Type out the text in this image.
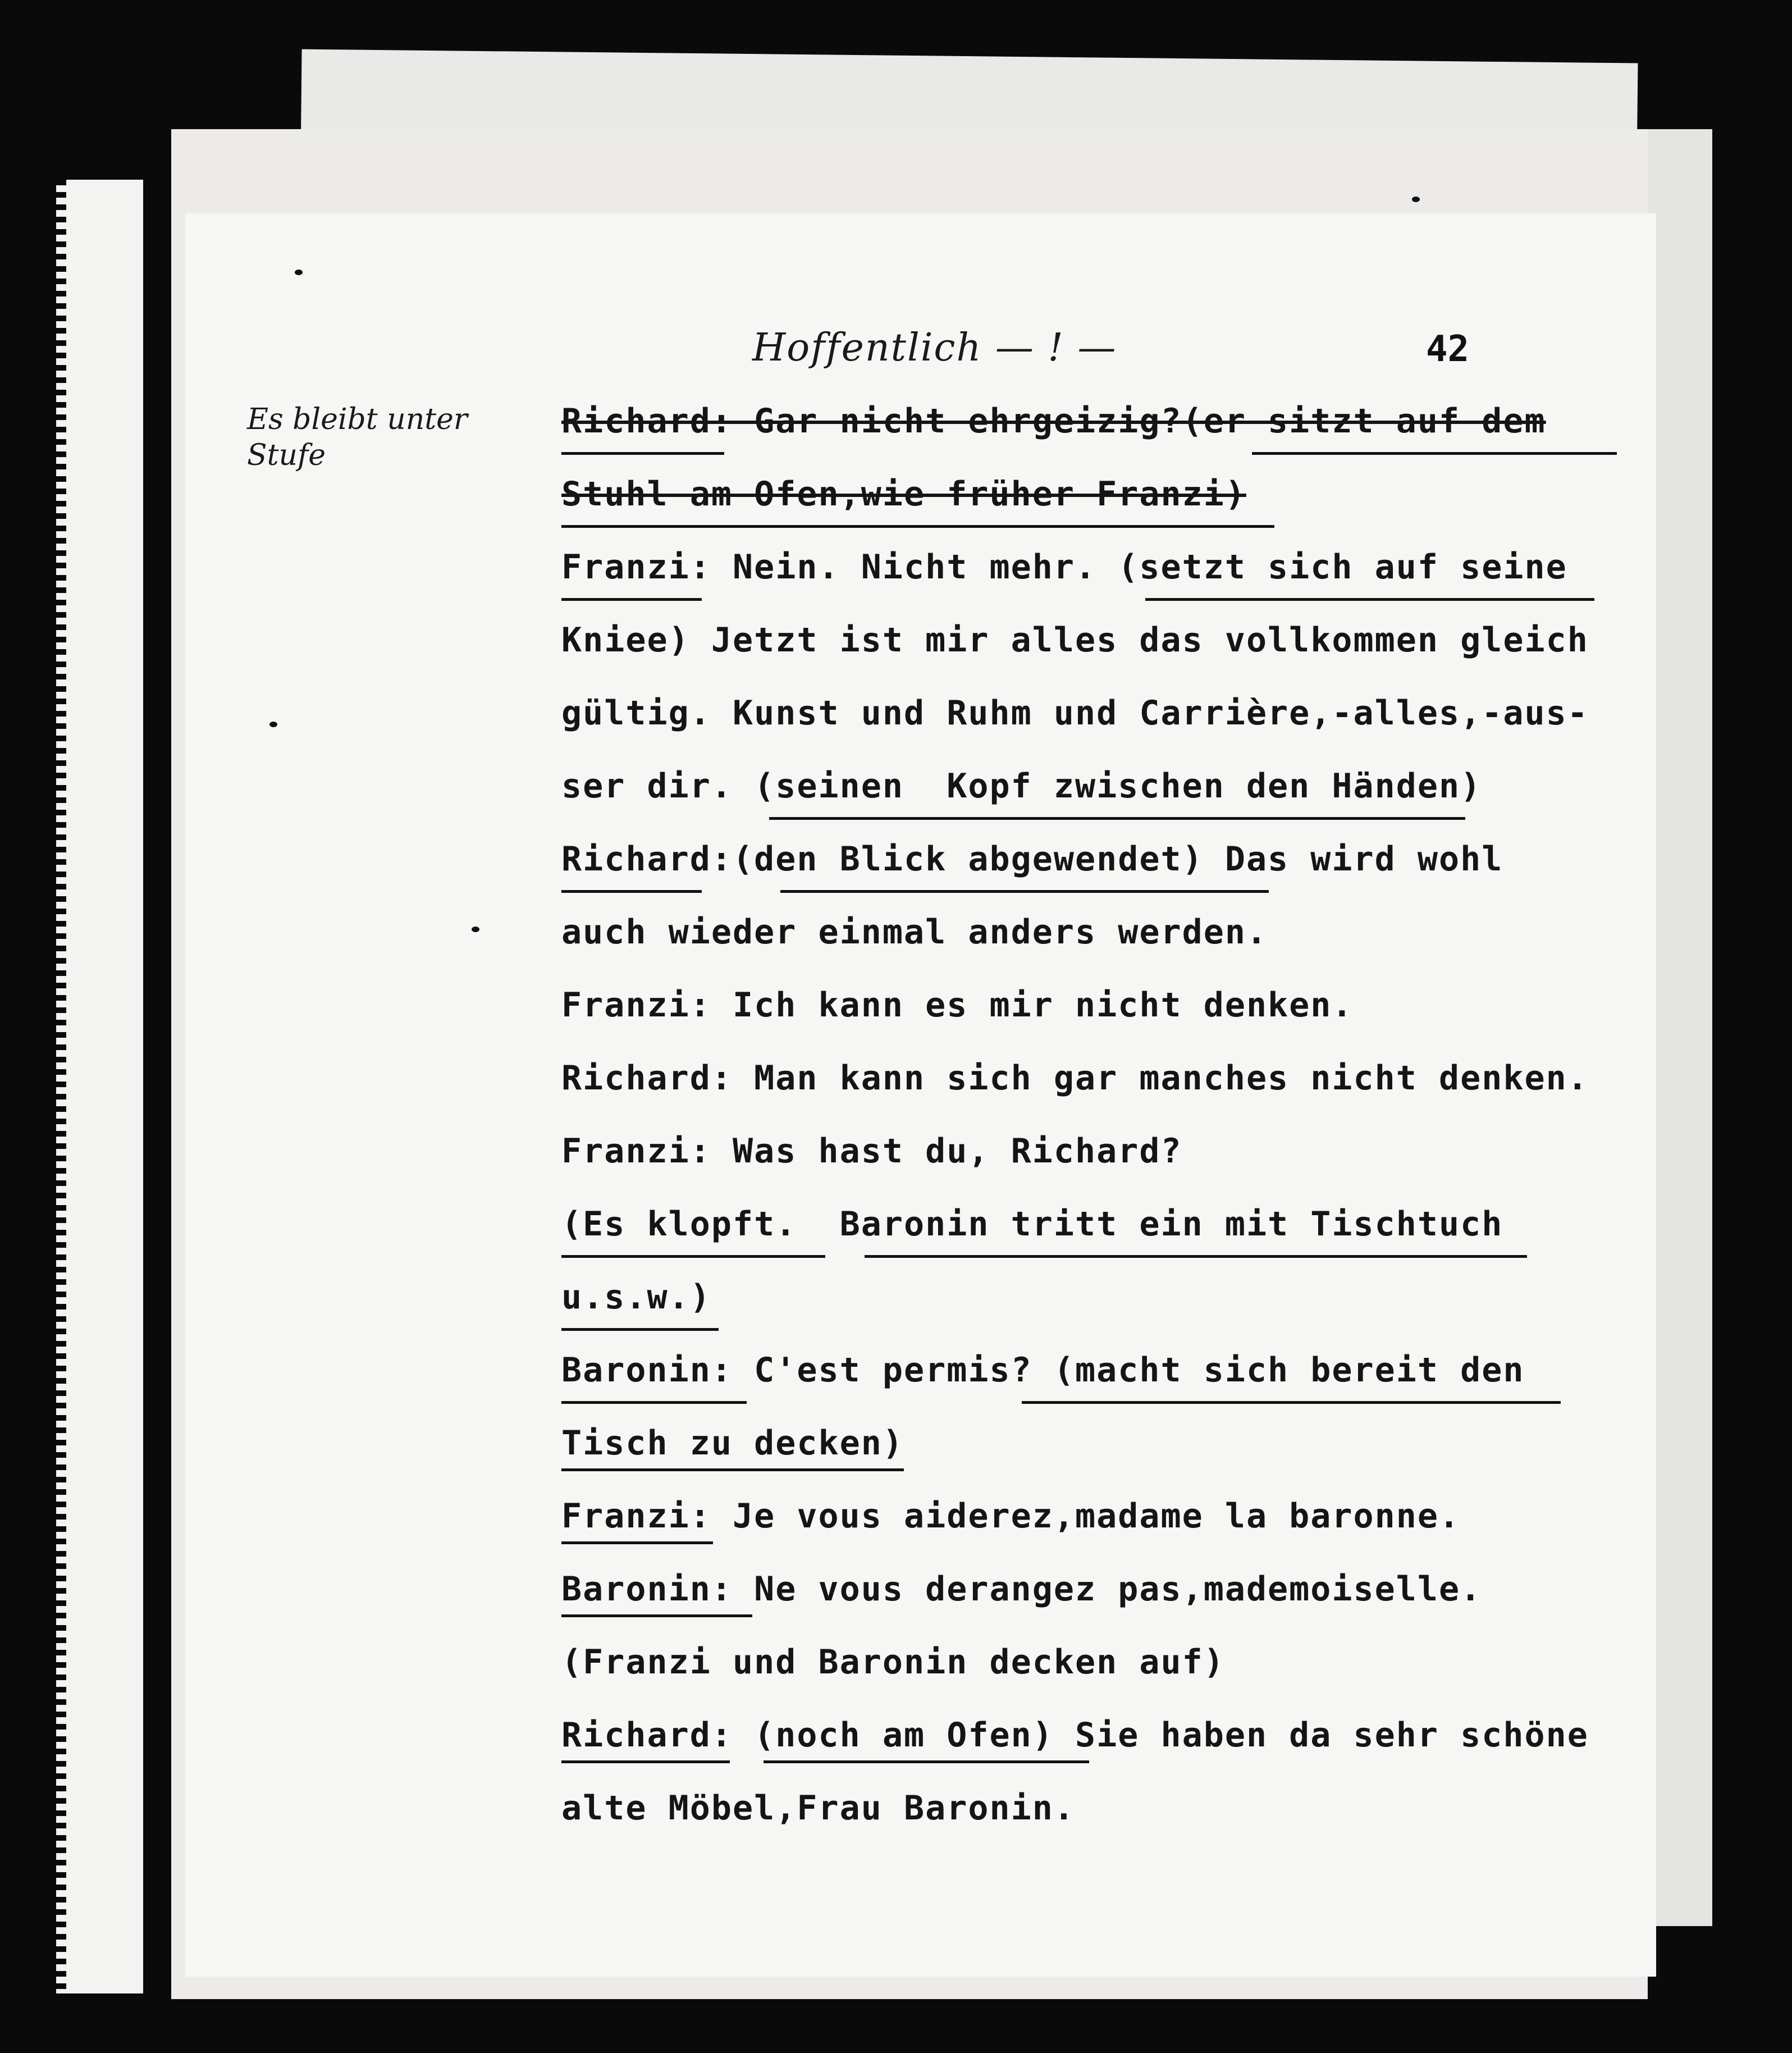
42
Hoffentlich — ! —
Es bleibt unter Stufe
Richard: Gar nicht ehrgeizig?(er sitzt auf dem
Stuhl am Ofen,wie früher Franzi)
Franzi: Nein. Nicht mehr. (setzt sich auf seine
Kniee) Jetzt ist mir alles das vollkommen gleich
gültig. Kunst und Ruhm und Carrière,-alles,-aus-
ser dir. (seinen  Kopf zwischen den Händen)
Richard:(den Blick abgewendet) Das wird wohl
auch wieder einmal anders werden.
Franzi: Ich kann es mir nicht denken.
Richard: Man kann sich gar manches nicht denken.
Franzi: Was hast du, Richard?
(Es klopft.  Baronin tritt ein mit Tischtuch
u.s.w.)
Baronin: C'est permis? (macht sich bereit den
Tisch zu decken)
Franzi: Je vous aiderez,madame la baronne.
Baronin: Ne vous derangez pas,mademoiselle.
(Franzi und Baronin decken auf)
Richard: (noch am Ofen) Sie haben da sehr schöne
alte Möbel,Frau Baronin.
